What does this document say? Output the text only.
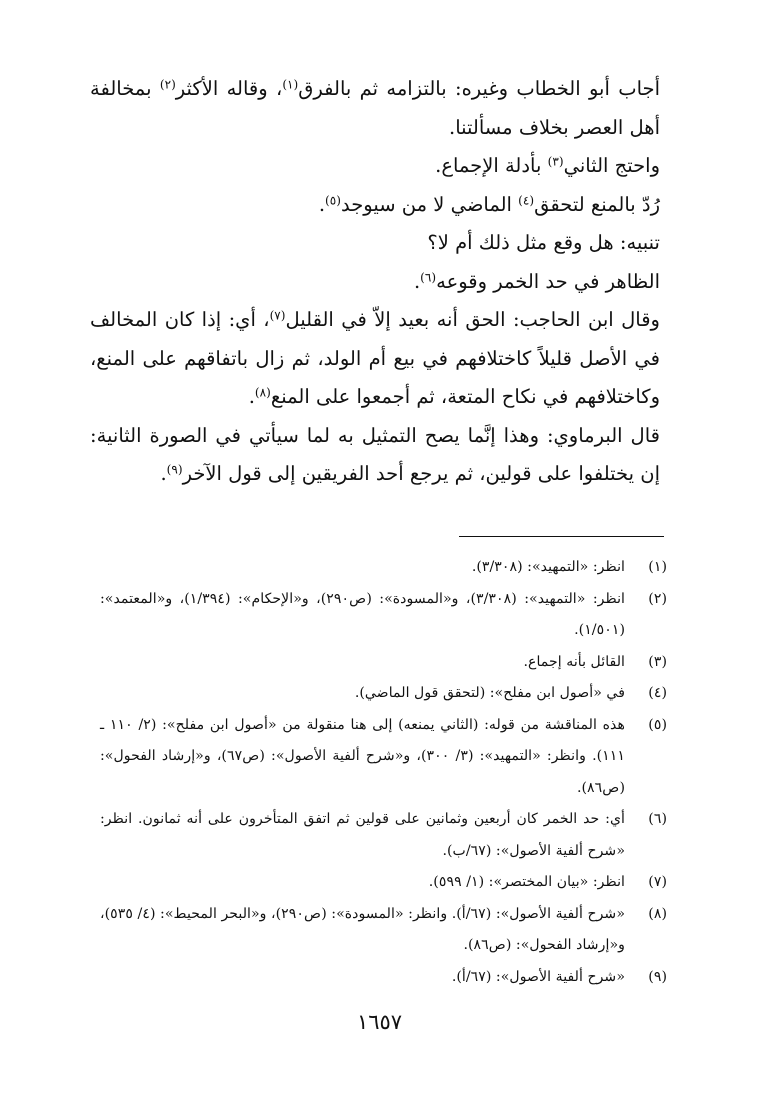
أجاب أبو الخطاب وغيره: بالتزامه ثم بالفرق$^{(١)}$، وقاله الأكثر$^{(٢)}$ بمخالفة أهل العصر بخلاف مسألتنا.

واحتج الثاني$^{(٣)}$ بأدلة الإجماع.

رُدّ بالمنع لتحقق$^{(٤)}$ الماضي لا من سيوجد$^{(٥)}$.

تنبيه: هل وقع مثل ذلك أم لا؟

الظاهر في حد الخمر وقوعه$^{(٦)}$.

وقال ابن الحاجب: الحق أنه بعيد إلاّ في القليل$^{(٧)}$، أي: إذا كان المخالف في الأصل قليلاً كاختلافهم في بيع أم الولد، ثم زال باتفاقهم على المنع، وكاختلافهم في نكاح المتعة، ثم أجمعوا على المنع$^{(٨)}$.

قال البرماوي: وهذا إنَّما يصح التمثيل به لما سيأتي في الصورة الثانية: إن يختلفوا على قولين، ثم يرجع أحد الفريقين إلى قول الآخر$^{(٩)}$.

(١)
انظر: «التمهيد»: (٣/٣٠٨).
(٢)
انظر: «التمهيد»: (٣/٣٠٨)، و«المسودة»: (ص٢٩٠)، و«الإحكام»: (١/٣٩٤)، و«المعتمد»: (١/٥٠١).
(٣)
القائل بأنه إجماع.
(٤)
في «أصول ابن مفلح»: (لتحقق قول الماضي).
(٥)
هذه المناقشة من قوله: (الثاني يمنعه) إلى هنا منقولة من «أصول ابن مفلح»: (٢/ ١١٠ ـ ١١١). وانظر: «التمهيد»: (٣/ ٣٠٠)، و«شرح ألفية الأصول»: (ص٦٧)، و«إرشاد الفحول»: (ص٨٦).
(٦)
أي: حد الخمر كان أربعين وثمانين على قولين ثم اتفق المتأخرون على أنه ثمانون. انظر: «شرح ألفية الأصول»: (٦٧/ب).
(٧)
انظر: «بيان المختصر»: (١/ ٥٩٩).
(٨)
«شرح ألفية الأصول»: (٦٧/أ). وانظر: «المسودة»: (ص٢٩٠)، و«البحر المحيط»: (٤/ ٥٣٥)، و«إرشاد الفحول»: (ص٨٦).
(٩)
«شرح ألفية الأصول»: (٦٧/أ).
١٦٥٧
